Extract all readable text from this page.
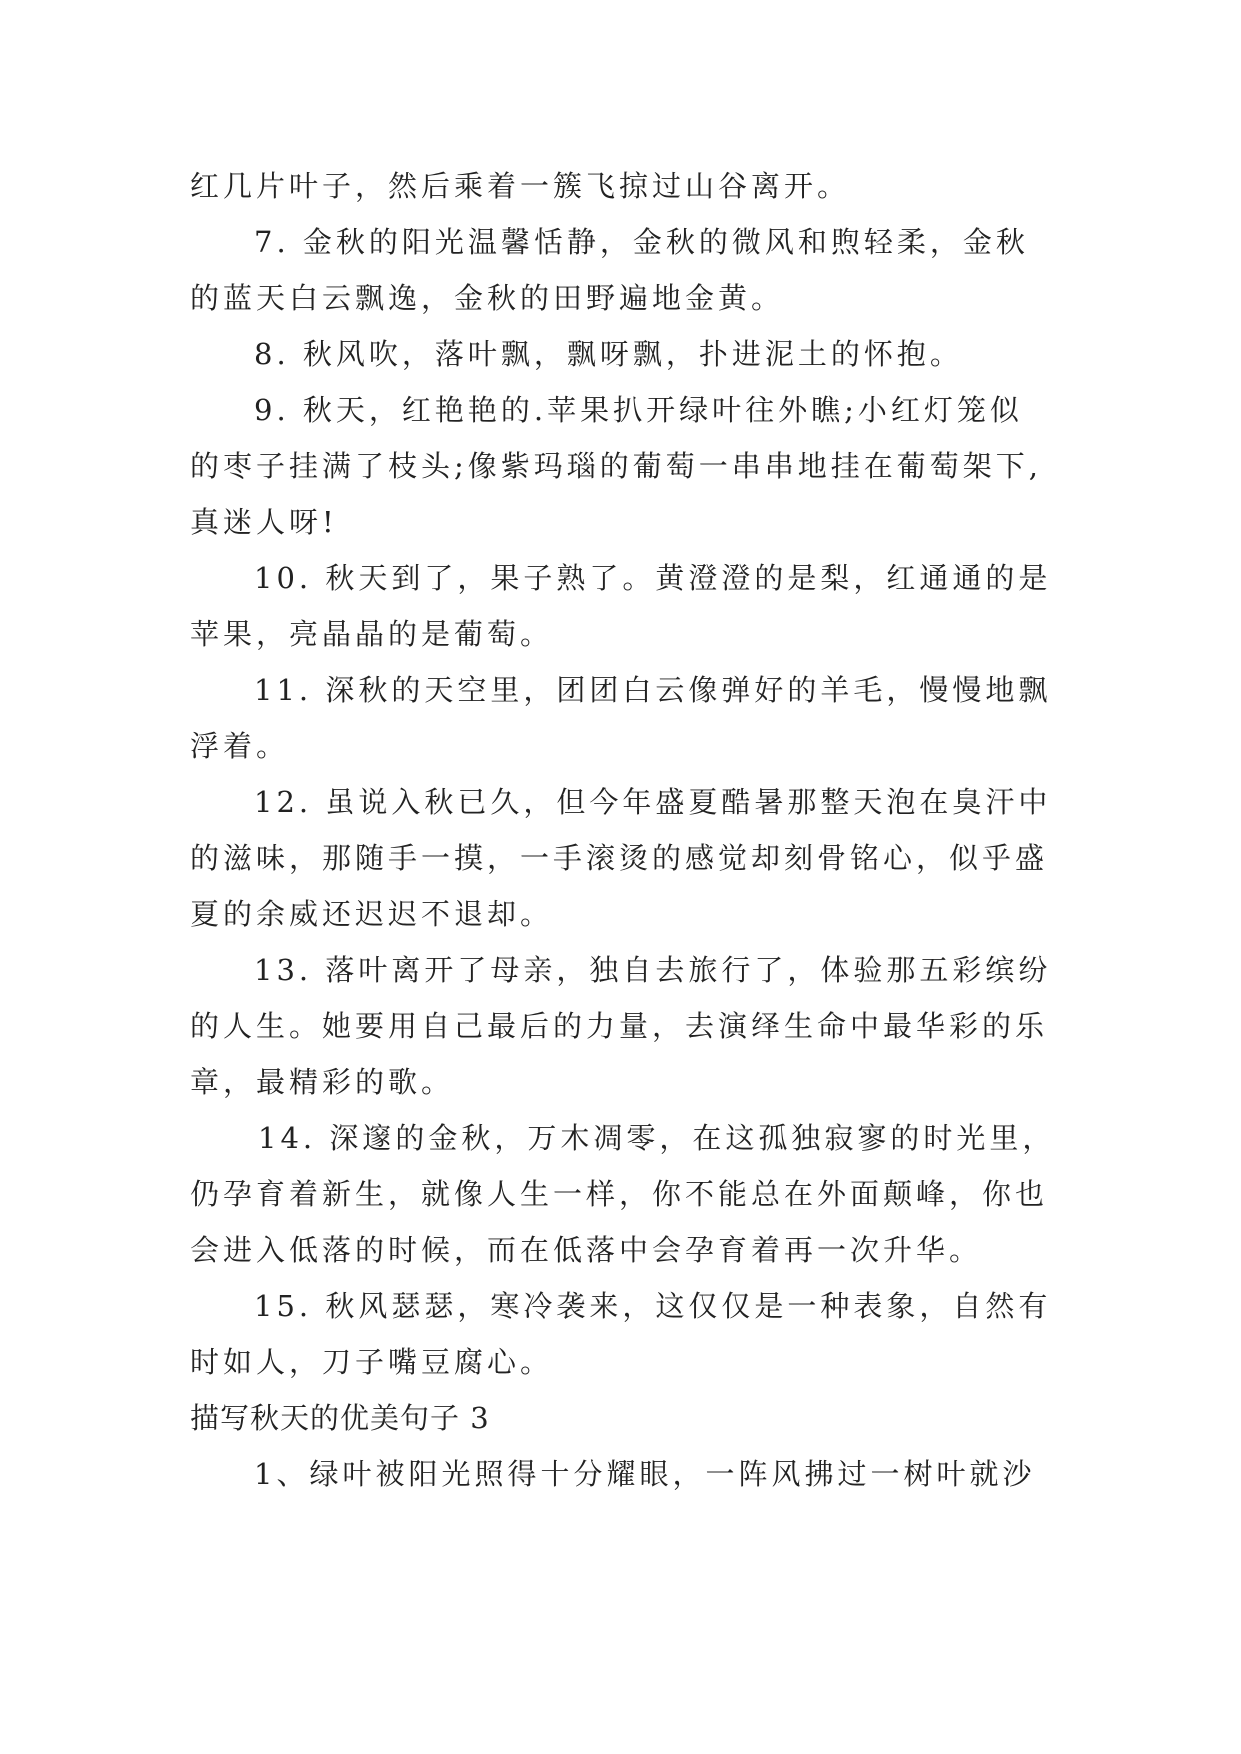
红几片叶子，然后乘着一簇飞掠过山谷离开。
7. 金秋的阳光温馨恬静，金秋的微风和煦轻柔，金秋
的蓝天白云飘逸，金秋的田野遍地金黄。
8. 秋风吹，落叶飘，飘呀飘，扑进泥土的怀抱。
9. 秋天，红艳艳的.苹果扒开绿叶往外瞧;小红灯笼似
的枣子挂满了枝头;像紫玛瑙的葡萄一串串地挂在葡萄架下,
真迷人呀!
10. 秋天到了，果子熟了。黄澄澄的是梨，红通通的是
苹果，亮晶晶的是葡萄。
11. 深秋的天空里，团团白云像弹好的羊毛，慢慢地飘
浮着。
12. 虽说入秋已久，但今年盛夏酷暑那整天泡在臭汗中
的滋味，那随手一摸，一手滚烫的感觉却刻骨铭心，似乎盛
夏的余威还迟迟不退却。
13. 落叶离开了母亲，独自去旅行了，体验那五彩缤纷
的人生。她要用自己最后的力量，去演绎生命中最华彩的乐
章，最精彩的歌。
14. 深邃的金秋，万木凋零，在这孤独寂寥的时光里，
仍孕育着新生，就像人生一样，你不能总在外面颠峰，你也
会进入低落的时候，而在低落中会孕育着再一次升华。
15. 秋风瑟瑟，寒冷袭来，这仅仅是一种表象，自然有
时如人，刀子嘴豆腐心。
描写秋天的优美句子 3
1、绿叶被阳光照得十分耀眼，一阵风拂过一树叶就沙
